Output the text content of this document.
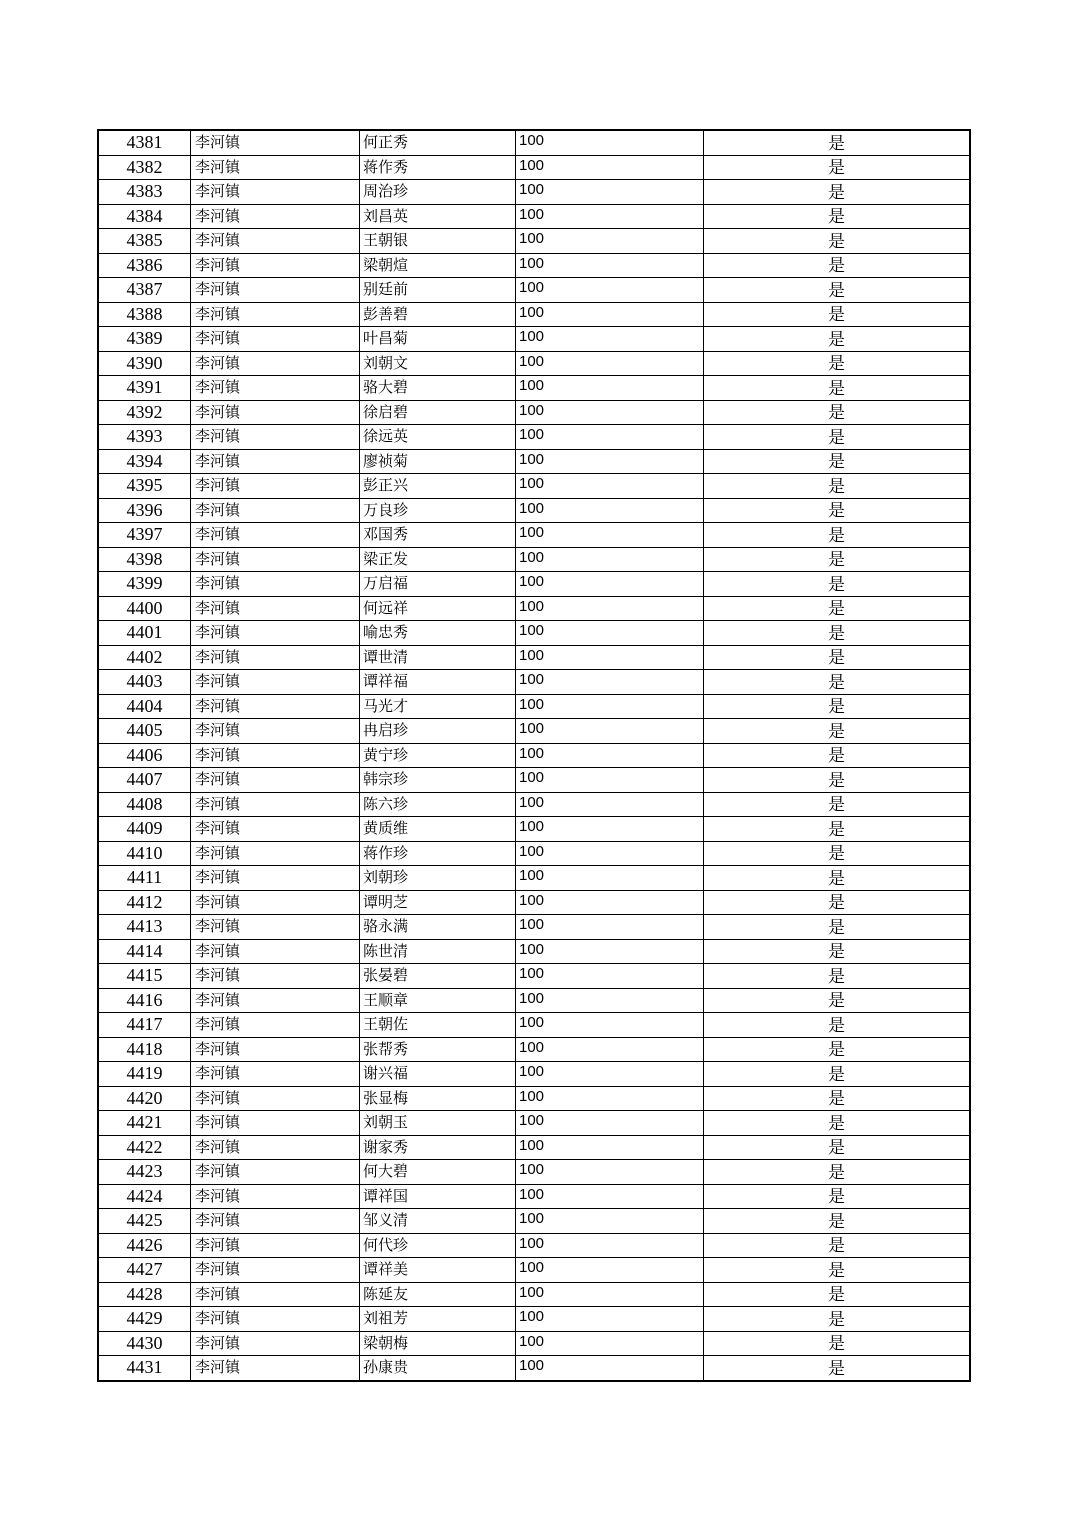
4381	李河镇	何正秀	100	是
4382	李河镇	蒋作秀	100	是
4383	李河镇	周治珍	100	是
4384	李河镇	刘昌英	100	是
4385	李河镇	王朝银	100	是
4386	李河镇	梁朝煊	100	是
4387	李河镇	别廷前	100	是
4388	李河镇	彭善碧	100	是
4389	李河镇	叶昌菊	100	是
4390	李河镇	刘朝文	100	是
4391	李河镇	骆大碧	100	是
4392	李河镇	徐启碧	100	是
4393	李河镇	徐远英	100	是
4394	李河镇	廖祯菊	100	是
4395	李河镇	彭正兴	100	是
4396	李河镇	万良珍	100	是
4397	李河镇	邓国秀	100	是
4398	李河镇	梁正发	100	是
4399	李河镇	万启福	100	是
4400	李河镇	何远祥	100	是
4401	李河镇	喻忠秀	100	是
4402	李河镇	谭世清	100	是
4403	李河镇	谭祥福	100	是
4404	李河镇	马光才	100	是
4405	李河镇	冉启珍	100	是
4406	李河镇	黄宁珍	100	是
4407	李河镇	韩宗珍	100	是
4408	李河镇	陈六珍	100	是
4409	李河镇	黄质维	100	是
4410	李河镇	蒋作珍	100	是
4411	李河镇	刘朝珍	100	是
4412	李河镇	谭明芝	100	是
4413	李河镇	骆永满	100	是
4414	李河镇	陈世清	100	是
4415	李河镇	张晏碧	100	是
4416	李河镇	王顺章	100	是
4417	李河镇	王朝佐	100	是
4418	李河镇	张帮秀	100	是
4419	李河镇	谢兴福	100	是
4420	李河镇	张显梅	100	是
4421	李河镇	刘朝玉	100	是
4422	李河镇	谢家秀	100	是
4423	李河镇	何大碧	100	是
4424	李河镇	谭祥国	100	是
4425	李河镇	邹义清	100	是
4426	李河镇	何代珍	100	是
4427	李河镇	谭祥美	100	是
4428	李河镇	陈延友	100	是
4429	李河镇	刘祖芳	100	是
4430	李河镇	梁朝梅	100	是
4431	李河镇	孙康贵	100	是
